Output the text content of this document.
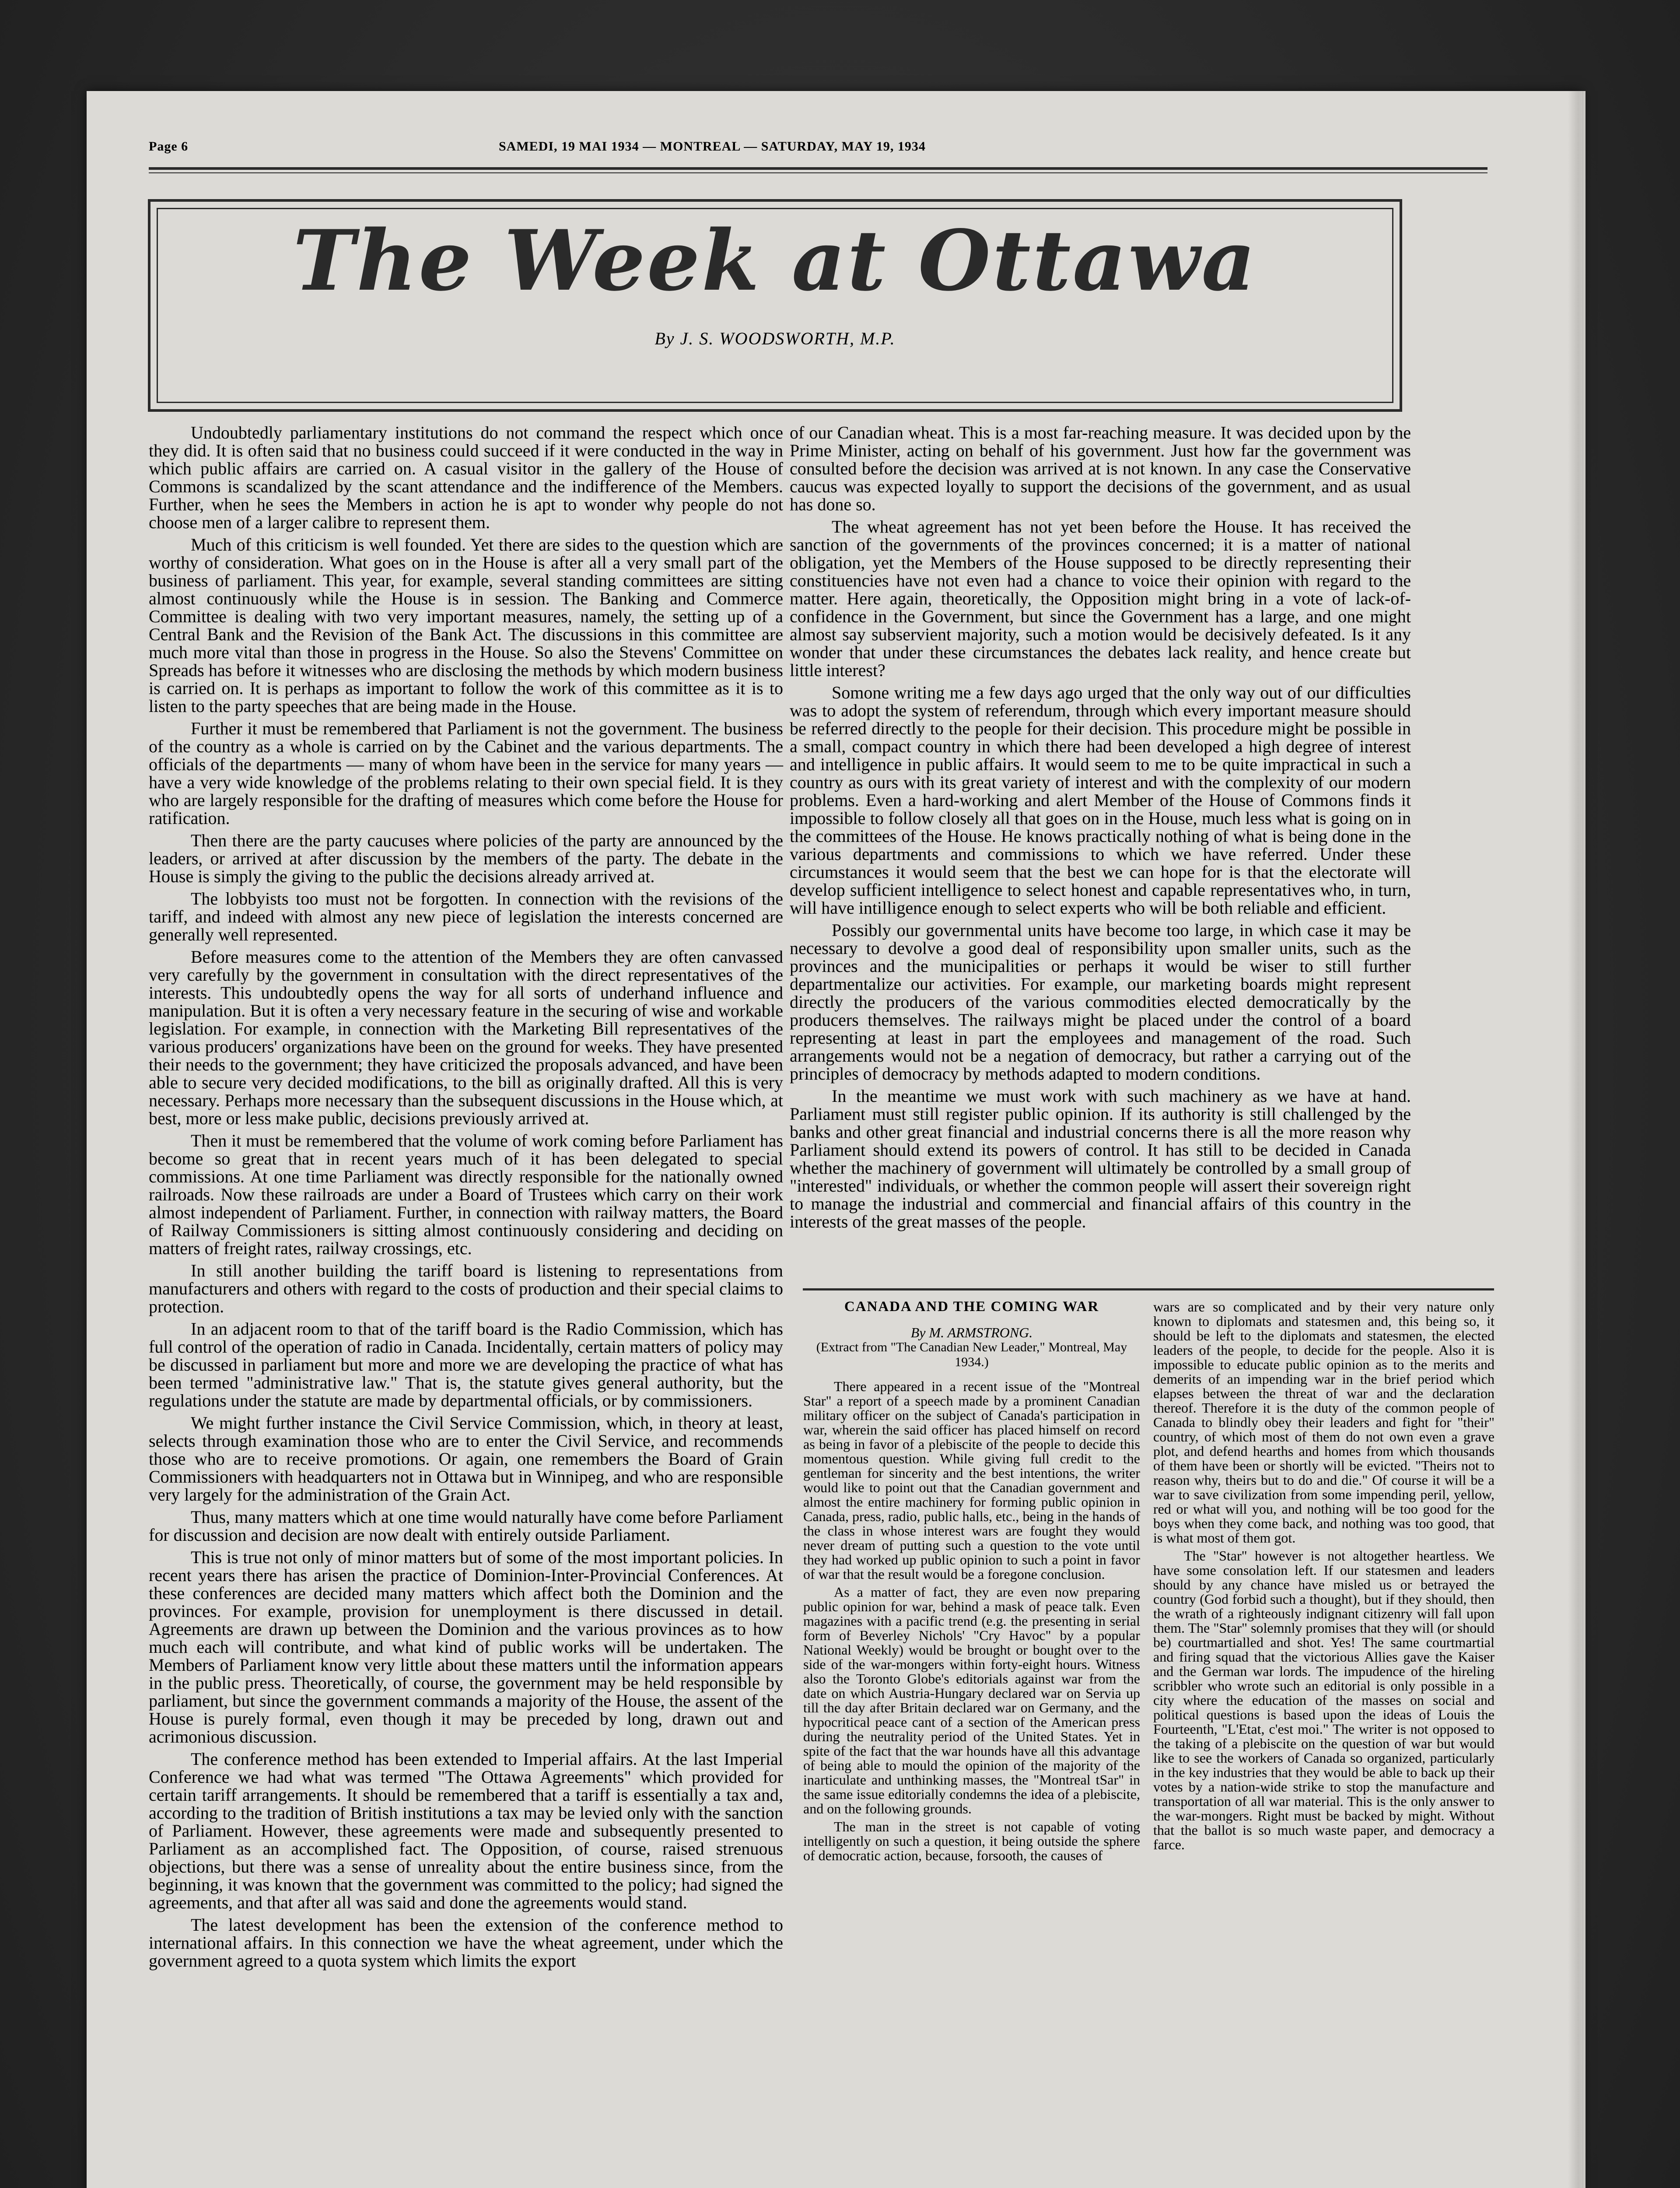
Page 6	SAMEDI, 19 MAI 1934 — MONTREAL — SATURDAY, MAY 19, 1934
The Week at Ottawa
By J. S. WOODSWORTH, M.P.

Undoubtedly parliamentary institutions do not command the respect which once they did. It is often said that no business could succeed if it were conducted in the way in which public affairs are carried on. A casual visitor in the gallery of the House of Commons is scandalized by the scant attendance and the indifference of the Members. Further, when he sees the Members in action he is apt to wonder why people do not choose men of a larger calibre to represent them.

Much of this criticism is well founded. Yet there are sides to the question which are worthy of consideration. What goes on in the House is after all a very small part of the business of parliament. This year, for example, several standing committees are sitting almost continuously while the House is in session. The Banking and Commerce Committee is dealing with two very important measures, namely, the setting up of a Central Bank and the Revision of the Bank Act. The discussions in this committee are much more vital than those in progress in the House. So also the Stevens' Committee on Spreads has before it witnesses who are disclosing the methods by which modern business is carried on. It is perhaps as important to follow the work of this committee as it is to listen to the party speeches that are being made in the House.

Further it must be remembered that Parliament is not the government. The business of the country as a whole is carried on by the Cabinet and the various departments. The officials of the departments — many of whom have been in the service for many years — have a very wide knowledge of the problems relating to their own special field. It is they who are largely responsible for the drafting of measures which come before the House for ratification.

Then there are the party caucuses where policies of the party are announced by the leaders, or arrived at after discussion by the members of the party. The debate in the House is simply the giving to the public the decisions already arrived at.

The lobbyists too must not be forgotten. In connection with the revisions of the tariff, and indeed with almost any new piece of legislation the interests concerned are generally well represented.

Before measures come to the attention of the Members they are often canvassed very carefully by the government in consultation with the direct representatives of the interests. This undoubtedly opens the way for all sorts of underhand influence and manipulation. But it is often a very necessary feature in the securing of wise and workable legislation. For example, in connection with the Marketing Bill representatives of the various producers' organizations have been on the ground for weeks. They have presented their needs to the government; they have criticized the proposals advanced, and have been able to secure very decided modifications, to the bill as originally drafted. All this is very necessary. Perhaps more necessary than the subsequent discussions in the House which, at best, more or less make public, decisions previously arrived at.

Then it must be remembered that the volume of work coming before Parliament has become so great that in recent years much of it has been delegated to special commissions. At one time Parliament was directly responsible for the nationally owned railroads. Now these railroads are under a Board of Trustees which carry on their work almost independent of Parliament. Further, in connection with railway matters, the Board of Railway Commissioners is sitting almost continuously considering and deciding on matters of freight rates, railway crossings, etc.

In still another building the tariff board is listening to representations from manufacturers and others with regard to the costs of production and their special claims to protection.

In an adjacent room to that of the tariff board is the Radio Commission, which has full control of the operation of radio in Canada. Incidentally, certain matters of policy may be discussed in parliament but more and more we are developing the practice of what has been termed "administrative law." That is, the statute gives general authority, but the regulations under the statute are made by departmental officials, or by commissioners.

We might further instance the Civil Service Commission, which, in theory at least, selects through examination those who are to enter the Civil Service, and recommends those who are to receive promotions. Or again, one remembers the Board of Grain Commissioners with headquarters not in Ottawa but in Winnipeg, and who are responsible very largely for the administration of the Grain Act.

Thus, many matters which at one time would naturally have come before Parliament for discussion and decision are now dealt with entirely outside Parliament.

This is true not only of minor matters but of some of the most important policies. In recent years there has arisen the practice of Dominion-Inter-Provincial Conferences. At these conferences are decided many matters which affect both the Dominion and the provinces. For example, provision for unemployment is there discussed in detail. Agreements are drawn up between the Dominion and the various provinces as to how much each will contribute, and what kind of public works will be undertaken. The Members of Parliament know very little about these matters until the information appears in the public press. Theoretically, of course, the government may be held responsible by parliament, but since the government commands a majority of the House, the assent of the House is purely formal, even though it may be preceded by long, drawn out and acrimonious discussion.

The conference method has been extended to Imperial affairs. At the last Imperial Conference we had what was termed "The Ottawa Agreements" which provided for certain tariff arrangements. It should be remembered that a tariff is essentially a tax and, according to the tradition of British institutions a tax may be levied only with the sanction of Parliament. However, these agreements were made and subsequently presented to Parliament as an accomplished fact. The Opposition, of course, raised strenuous objections, but there was a sense of unreality about the entire business since, from the beginning, it was known that the government was committed to the policy; had signed the agreements, and that after all was said and done the agreements would stand.

The latest development has been the extension of the conference method to international affairs. In this connection we have the wheat agreement, under which the government agreed to a quota system which limits the export

of our Canadian wheat. This is a most far-reaching measure. It was decided upon by the Prime Minister, acting on behalf of his government. Just how far the government was consulted before the decision was arrived at is not known. In any case the Conservative caucus was expected loyally to support the decisions of the government, and as usual has done so.

The wheat agreement has not yet been before the House. It has received the sanction of the governments of the provinces concerned; it is a matter of national obligation, yet the Members of the House supposed to be directly representing their constituencies have not even had a chance to voice their opinion with regard to the matter. Here again, theoretically, the Opposition might bring in a vote of lack-of-confidence in the Government, but since the Government has a large, and one might almost say subservient majority, such a motion would be decisively defeated. Is it any wonder that under these circumstances the debates lack reality, and hence create but little interest?

Somone writing me a few days ago urged that the only way out of our difficulties was to adopt the system of referendum, through which every important measure should be referred directly to the people for their decision. This procedure might be possible in a small, compact country in which there had been developed a high degree of interest and intelligence in public affairs. It would seem to me to be quite impractical in such a country as ours with its great variety of interest and with the complexity of our modern problems. Even a hard-working and alert Member of the House of Commons finds it impossible to follow closely all that goes on in the House, much less what is going on in the committees of the House. He knows practically nothing of what is being done in the various departments and commissions to which we have referred. Under these circumstances it would seem that the best we can hope for is that the electorate will develop sufficient intelligence to select honest and capable representatives who, in turn, will have intilligence enough to select experts who will be both reliable and efficient.

Possibly our governmental units have become too large, in which case it may be necessary to devolve a good deal of responsibility upon smaller units, such as the provinces and the municipalities or perhaps it would be wiser to still further departmentalize our activities. For example, our marketing boards might represent directly the producers of the various commodities elected democratically by the producers themselves. The railways might be placed under the control of a board representing at least in part the employees and management of the road. Such arrangements would not be a negation of democracy, but rather a carrying out of the principles of democracy by methods adapted to modern conditions.

In the meantime we must work with such machinery as we have at hand. Parliament must still register public opinion. If its authority is still challenged by the banks and other great financial and industrial concerns there is all the more reason why Parliament should extend its powers of control. It has still to be decided in Canada whether the machinery of government will ultimately be controlled by a small group of "interested" individuals, or whether the common people will assert their sovereign right to manage the industrial and commercial and financial affairs of this country in the interests of the great masses of the people.

CANADA AND THE COMING WAR
By M. ARMSTRONG.
(Extract from "The Canadian New Leader," Montreal, May 1934.)

There appeared in a recent issue of the "Montreal Star" a report of a speech made by a prominent Canadian military officer on the subject of Canada's participation in war, wherein the said officer has placed himself on record as being in favor of a plebiscite of the people to decide this momentous question. While giving full credit to the gentleman for sincerity and the best intentions, the writer would like to point out that the Canadian government and almost the entire machinery for forming public opinion in Canada, press, radio, public halls, etc., being in the hands of the class in whose interest wars are fought they would never dream of putting such a question to the vote until they had worked up public opinion to such a point in favor of war that the result would be a foregone conclusion.

As a matter of fact, they are even now preparing public opinion for war, behind a mask of peace talk. Even magazines with a pacific trend (e.g. the presenting in serial form of Beverley Nichols' "Cry Havoc" by a popular National Weekly) would be brought or bought over to the side of the war-mongers within forty-eight hours. Witness also the Toronto Globe's editorials against war from the date on which Austria-Hungary declared war on Servia up till the day after Britain declared war on Germany, and the hypocritical peace cant of a section of the American press during the neutrality period of the United States. Yet in spite of the fact that the war hounds have all this advantage of being able to mould the opinion of the majority of the inarticulate and unthinking masses, the "Montreal tSar" in the same issue editorially condemns the idea of a plebiscite, and on the following grounds.

The man in the street is not capable of voting intelligently on such a question, it being outside the sphere of democratic action, because, forsooth, the causes of

wars are so complicated and by their very nature only known to diplomats and statesmen and, this being so, it should be left to the diplomats and statesmen, the elected leaders of the people, to decide for the people. Also it is impossible to educate public opinion as to the merits and demerits of an impending war in the brief period which elapses between the threat of war and the declaration thereof. Therefore it is the duty of the common people of Canada to blindly obey their leaders and fight for "their" country, of which most of them do not own even a grave plot, and defend hearths and homes from which thousands of them have been or shortly will be evicted. "Theirs not to reason why, theirs but to do and die." Of course it will be a war to save civilization from some impending peril, yellow, red or what will you, and nothing will be too good for the boys when they come back, and nothing was too good, that is what most of them got.

The "Star" however is not altogether heartless. We have some consolation left. If our statesmen and leaders should by any chance have misled us or betrayed the country (God forbid such a thought), but if they should, then the wrath of a righteously indignant citizenry will fall upon them. The "Star" solemnly promises that they will (or should be) courtmartialled and shot. Yes! The same courtmartial and firing squad that the victorious Allies gave the Kaiser and the German war lords. The impudence of the hireling scribbler who wrote such an editorial is only possible in a city where the education of the masses on social and political questions is based upon the ideas of Louis the Fourteenth, "L'Etat, c'est moi." The writer is not opposed to the taking of a plebiscite on the question of war but would like to see the workers of Canada so organized, particularly in the key industries that they would be able to back up their votes by a nation-wide strike to stop the manufacture and transportation of all war material. This is the only answer to the war-mongers. Right must be backed by might. Without that the ballot is so much waste paper, and democracy a farce.
